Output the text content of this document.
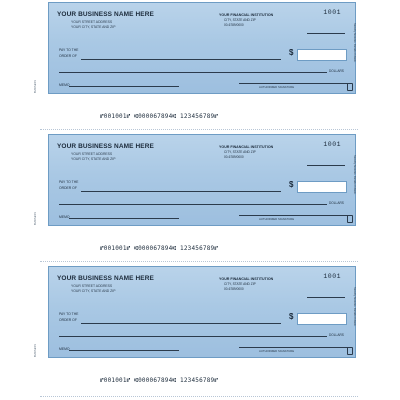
YOUR BUSINESS NAME HERE
YOUR STREET ADDRESS
YOUR CITY, STATE AND ZIP
YOUR FINANCIAL INSTITUTION
CITY, STATE AND ZIP
00-6789/0000
1001
PAY TO THE
ORDER OF	$
DOLLARS
MEMO	AUTHORIZED SIGNATURE
Security features. Details on back.
⑈001001⑈ ⑆000067894⑆ 123456789⑈
BUSINESS
YOUR BUSINESS NAME HERE
YOUR STREET ADDRESS
YOUR CITY, STATE AND ZIP
YOUR FINANCIAL INSTITUTION
CITY, STATE AND ZIP
00-6789/0000
1001
PAY TO THE
ORDER OF	$
DOLLARS
MEMO	AUTHORIZED SIGNATURE
Security features. Details on back.
⑈001001⑈ ⑆000067894⑆ 123456789⑈
BUSINESS
YOUR BUSINESS NAME HERE
YOUR STREET ADDRESS
YOUR CITY, STATE AND ZIP
YOUR FINANCIAL INSTITUTION
CITY, STATE AND ZIP
00-6789/0000
1001
PAY TO THE
ORDER OF	$
DOLLARS
MEMO	AUTHORIZED SIGNATURE
Security features. Details on back.
⑈001001⑈ ⑆000067894⑆ 123456789⑈
BUSINESS
